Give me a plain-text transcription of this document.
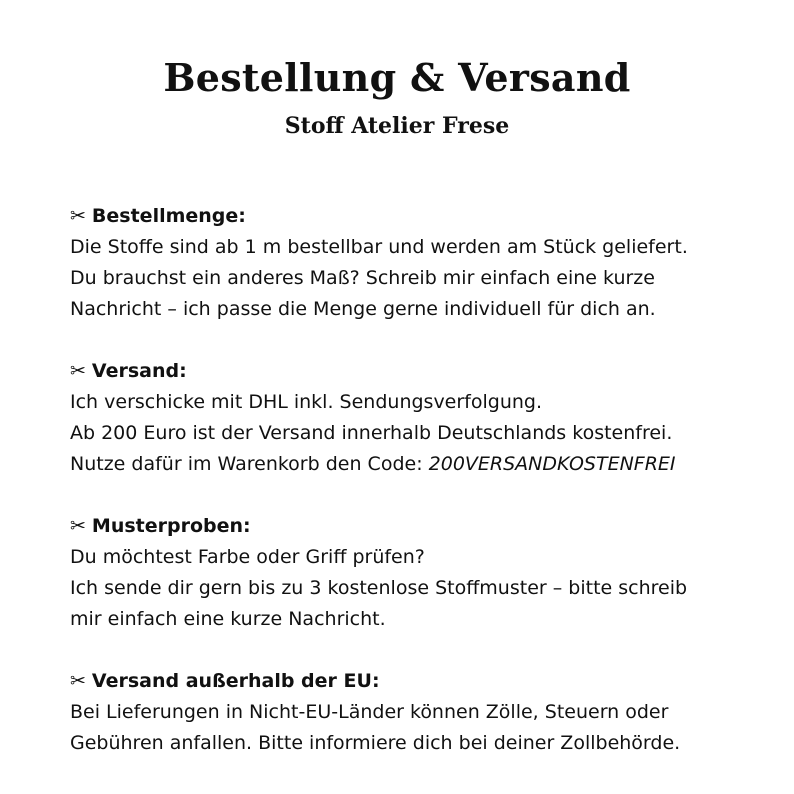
Bestellung & Versand
Stoff Atelier Frese
✂ Bestellmenge:
Die Stoffe sind ab 1 m bestellbar und werden am Stück geliefert.
Du brauchst ein anderes Maß? Schreib mir einfach eine kurze
Nachricht – ich passe die Menge gerne individuell für dich an.
✂ Versand:
Ich verschicke mit DHL inkl. Sendungsverfolgung.
Ab 200 Euro ist der Versand innerhalb Deutschlands kostenfrei.
Nutze dafür im Warenkorb den Code: 200VERSANDKOSTENFREI
✂ Musterproben:
Du möchtest Farbe oder Griff prüfen?
Ich sende dir gern bis zu 3 kostenlose Stoffmuster – bitte schreib
mir einfach eine kurze Nachricht.
✂ Versand außerhalb der EU:
Bei Lieferungen in Nicht-EU-Länder können Zölle, Steuern oder
Gebühren anfallen. Bitte informiere dich bei deiner Zollbehörde.
